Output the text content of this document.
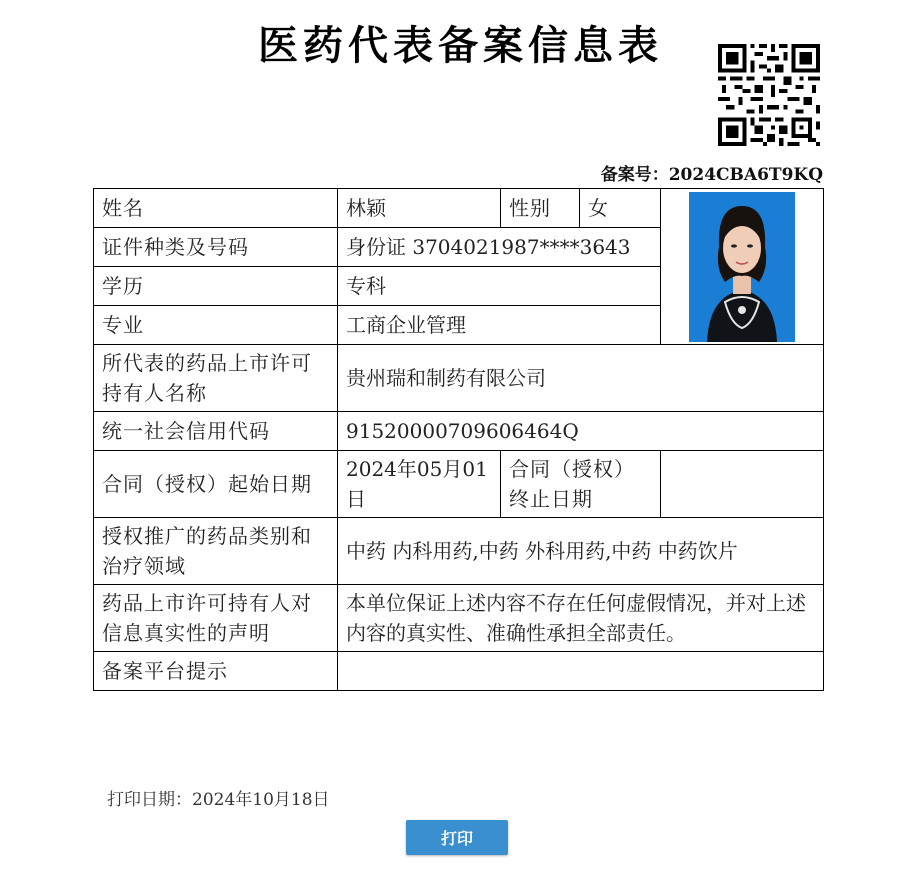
医药代表备案信息表
备案号：2024CBA6T9KQ
姓名	林颖	性别	女	

证件种类及号码	身份证 3704021987****3643			
学历	专科			
专业	工商企业管理			
所代表的药品上市许可持有人名称	贵州瑞和制药有限公司			
统一社会信用代码	91520000709606464Q			
合同（授权）起始日期	2024年05月01日	合同（授权）终止日期		
授权推广的药品类别和治疗领域	中药 内科用药,中药 外科用药,中药 中药饮片			
药品上市许可持有人对信息真实性的声明	本单位保证上述内容不存在任何虚假情况，并对上述内容的真实性、准确性承担全部责任。			
备案平台提示				
打印日期：2024年10月18日
打印
